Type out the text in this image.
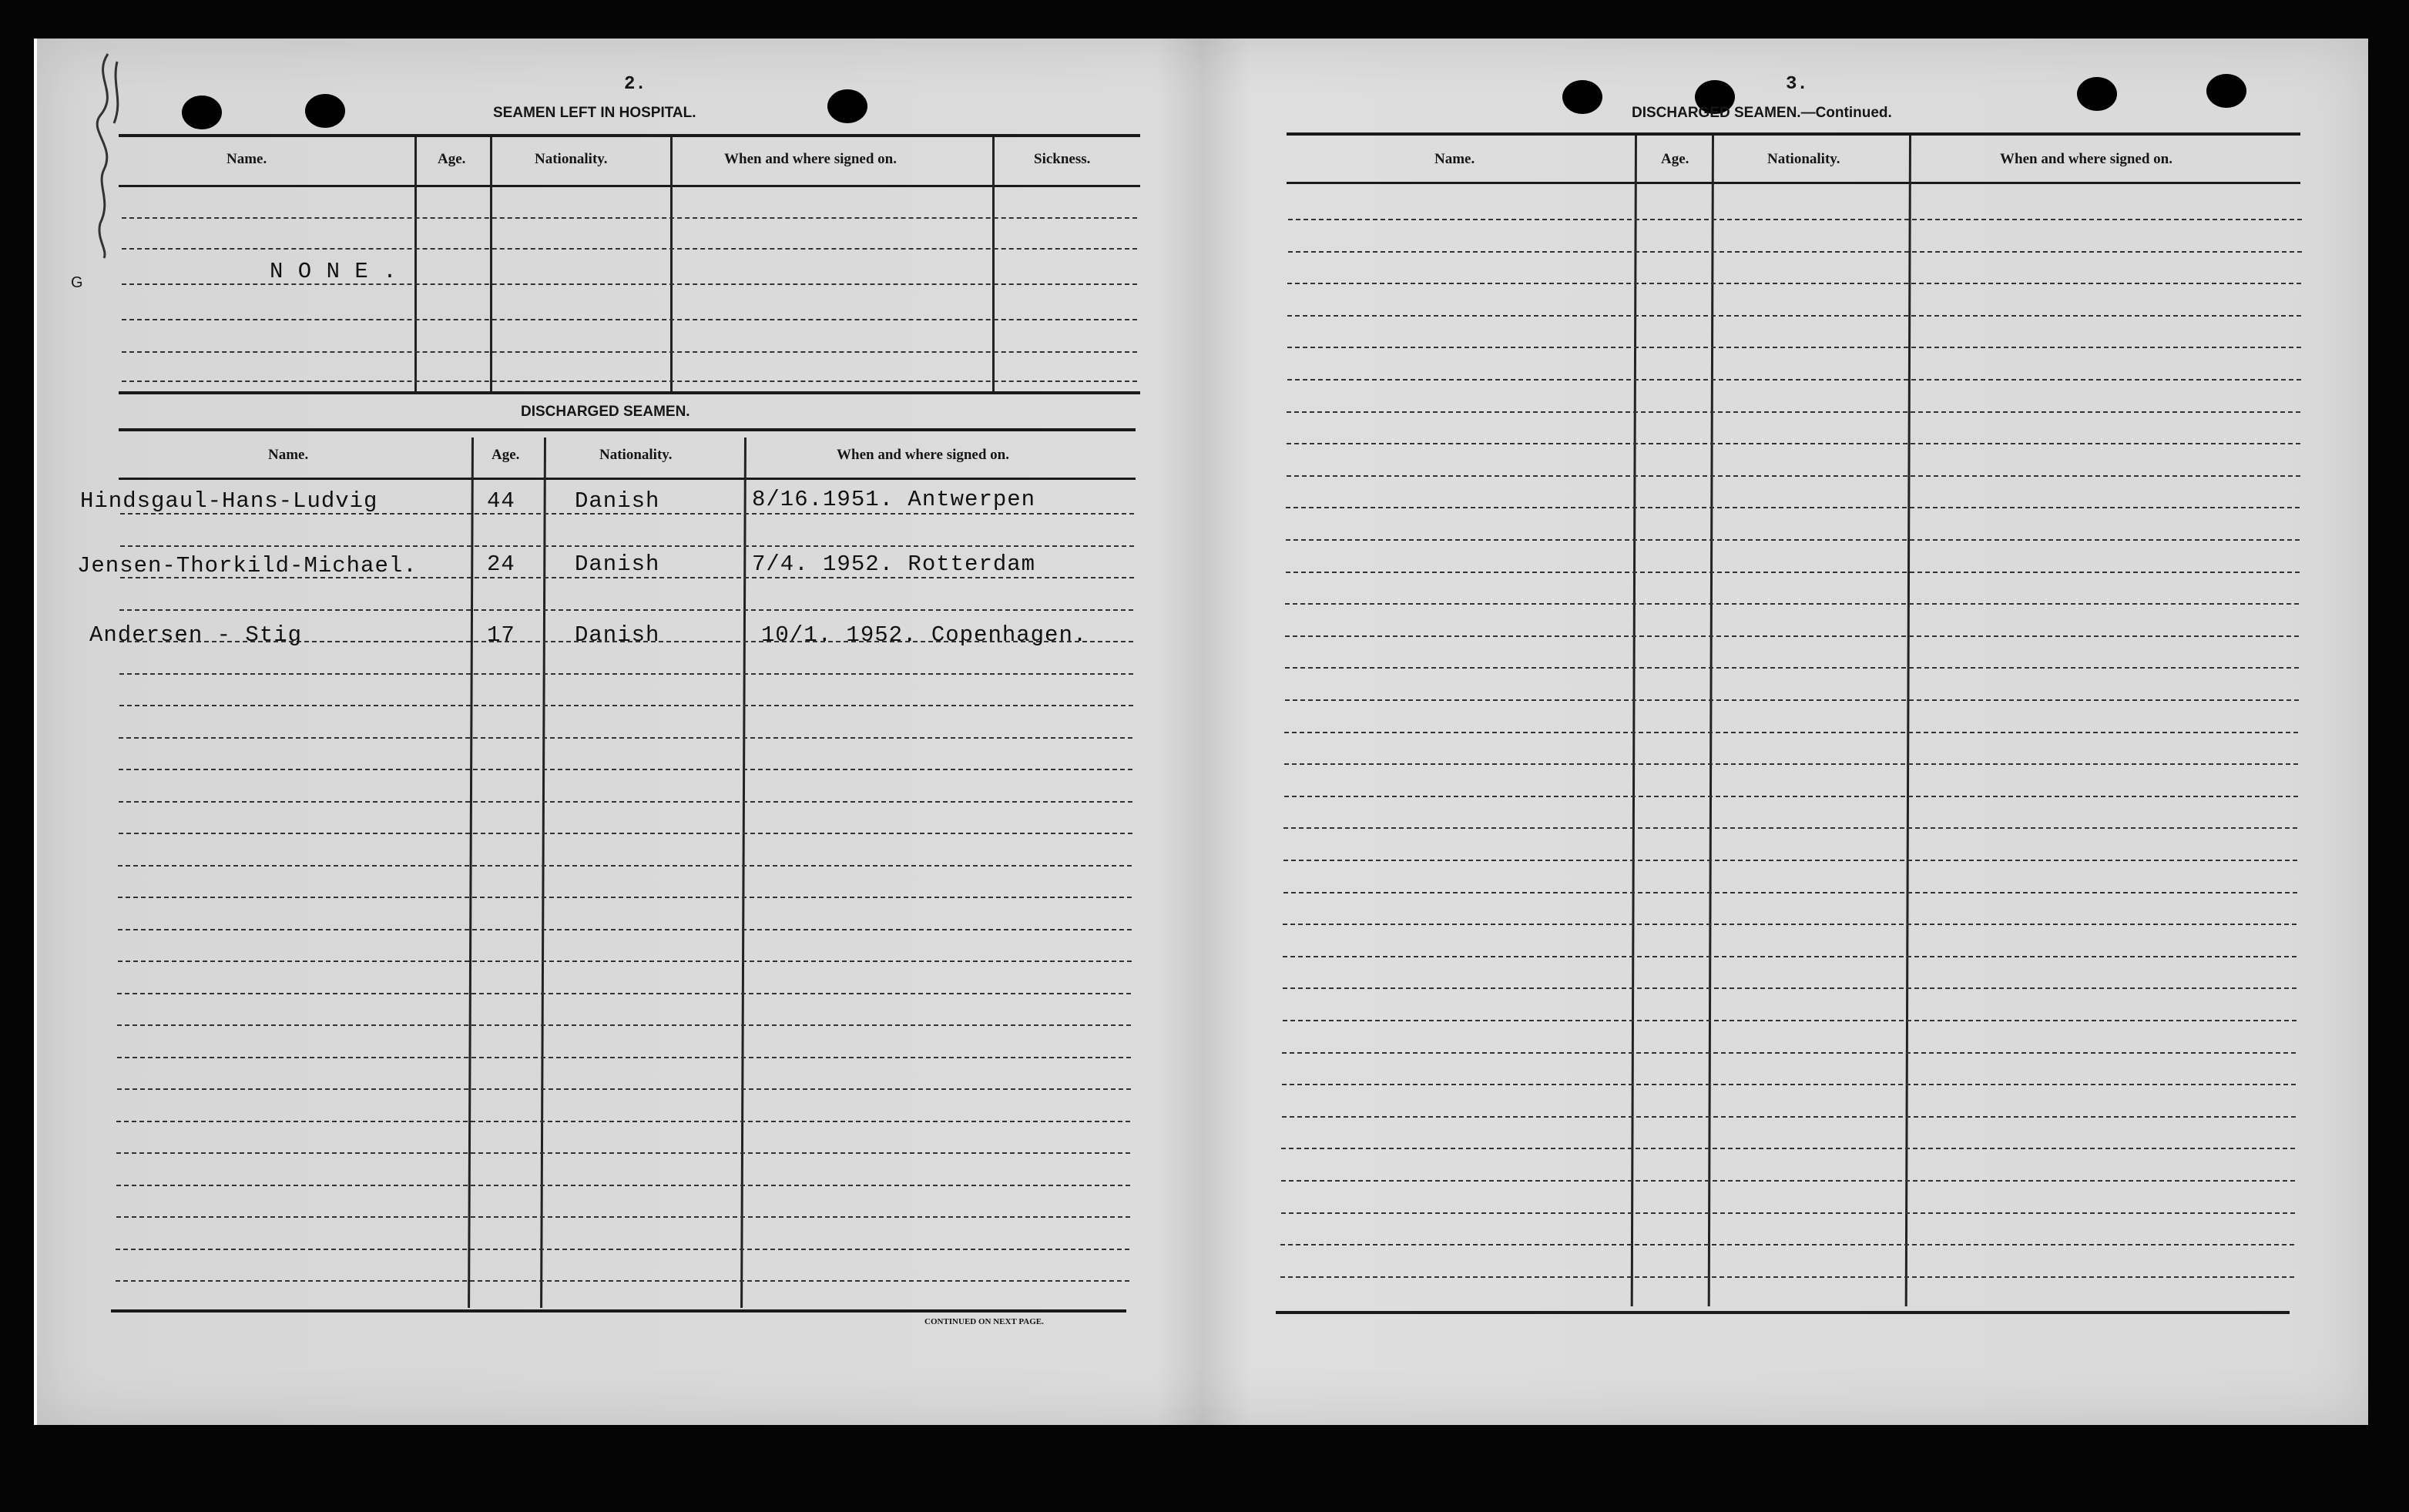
G
2.
SEAMEN LEFT IN HOSPITAL.
Name.	Age.	Nationality.	When and where signed on.	Sickness.
N O N E .
DISCHARGED SEAMEN.
Name.	Age.	Nationality.	When and where signed on.
Hindsgaul-Hans-Ludvig	44	Danish	8/16.1951. Antwerpen
Jensen-Thorkild-Michael.	24	Danish	7/4. 1952. Rotterdam
Andersen - Stig	17	Danish	10/1. 1952. Copenhagen.
CONTINUED ON NEXT PAGE.
3.
DISCHARGED SEAMEN.—Continued.
Name.	Age.	Nationality.	When and where signed on.
